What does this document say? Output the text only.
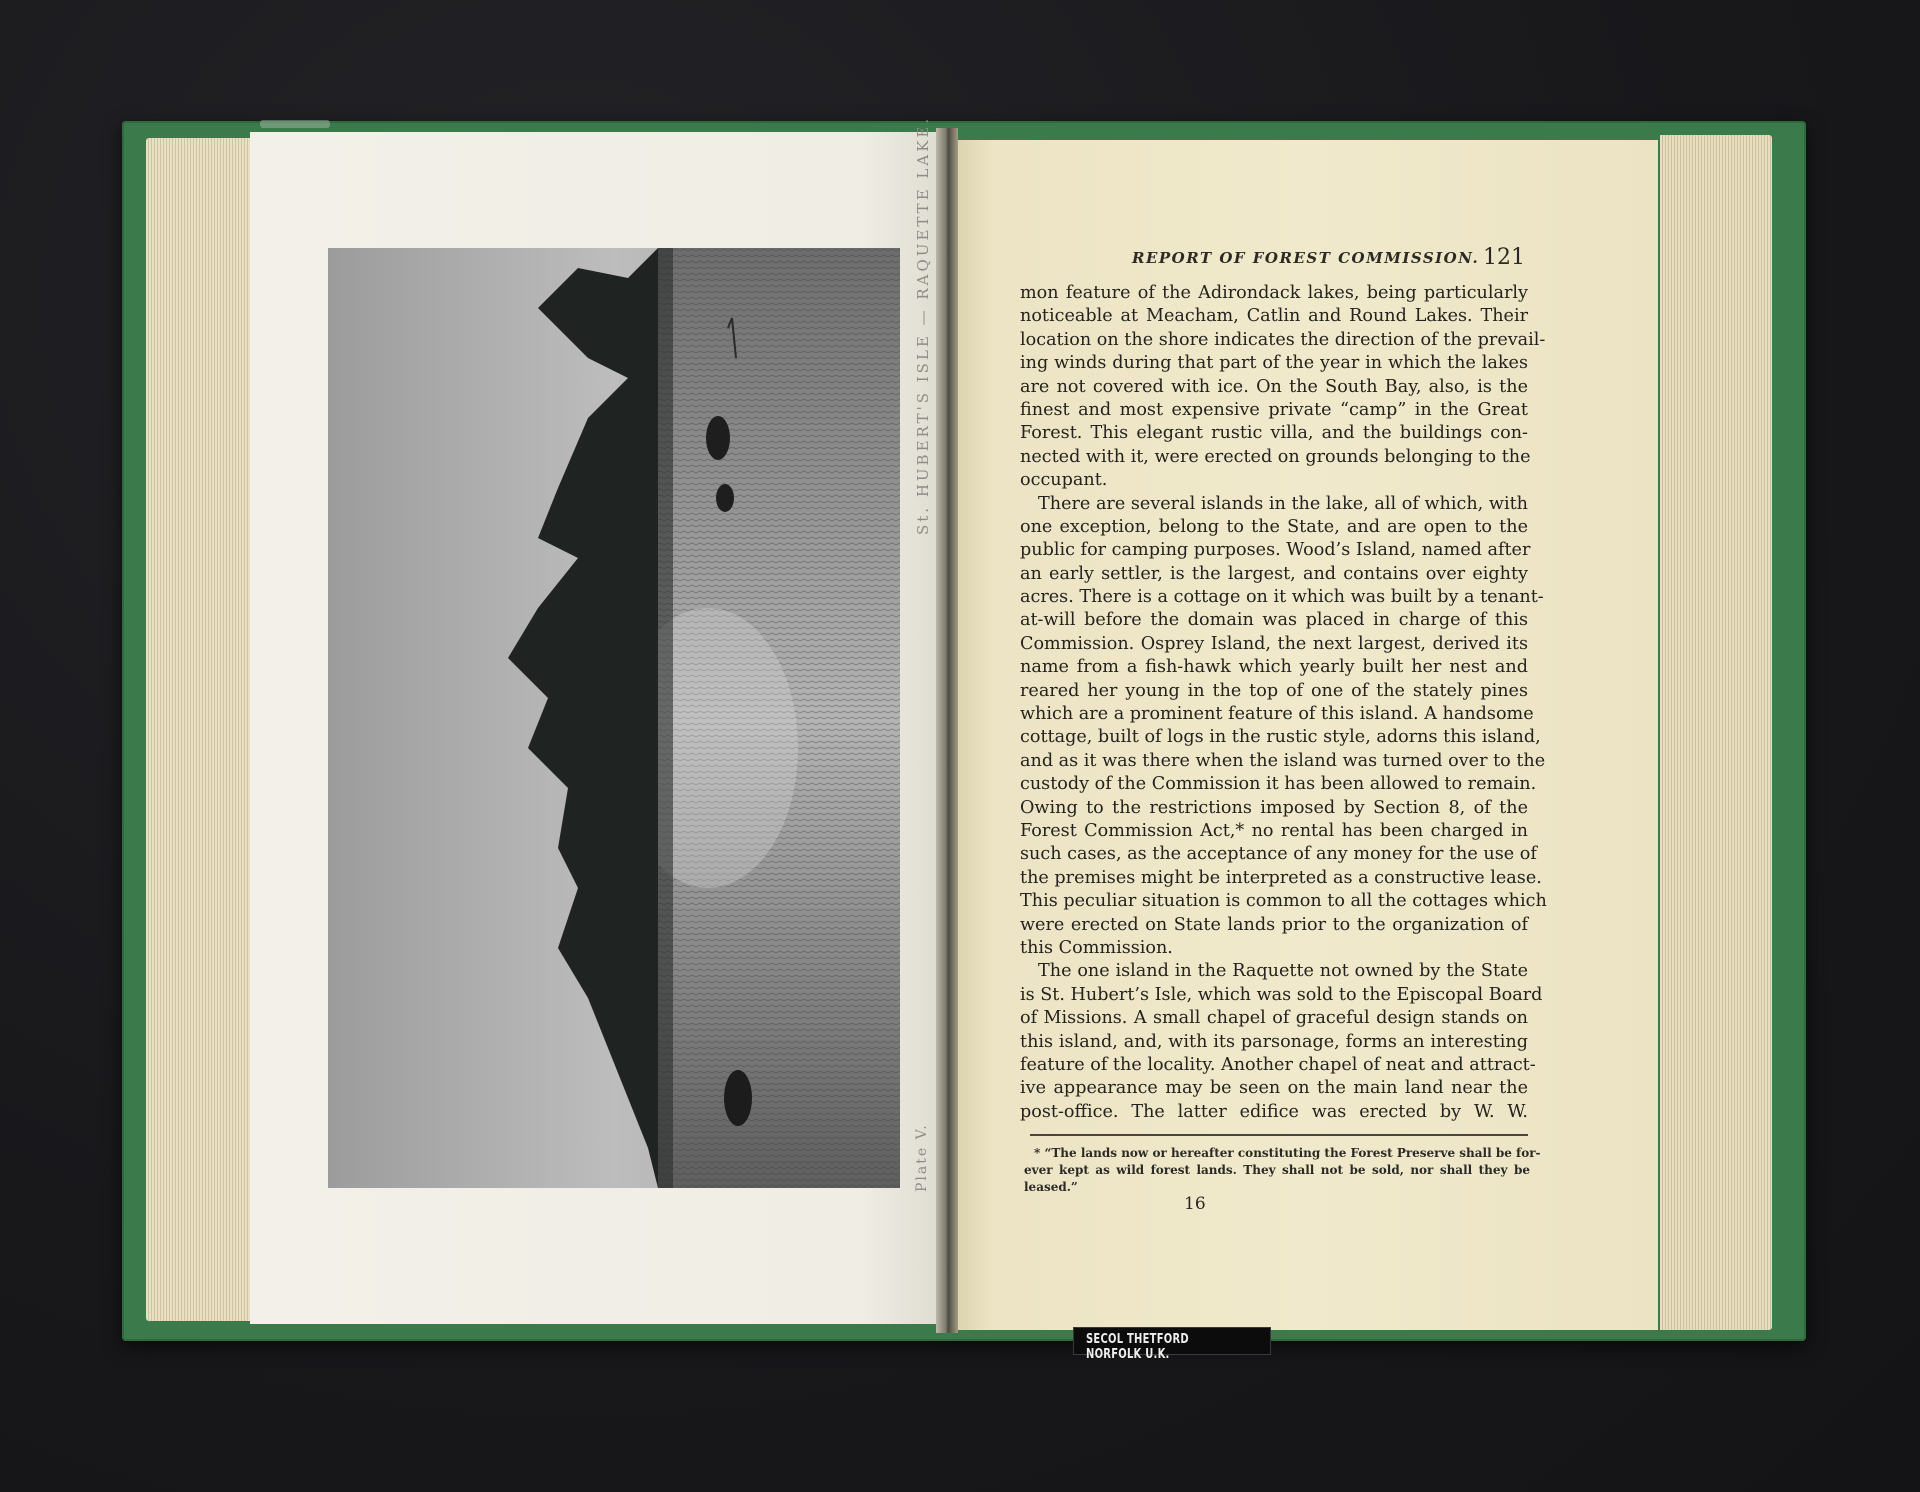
St. HUBERT'S ISLE — RAQUETTE LAKE.
Plate V.
REPORT OF FOREST COMMISSION. 121
mon feature of the Adirondack lakes, being particularly
noticeable at Meacham, Catlin and Round Lakes. Their
location on the shore indicates the direction of the prevail-
ing winds during that part of the year in which the lakes
are not covered with ice. On the South Bay, also, is the
finest and most expensive private “camp” in the Great
Forest. This elegant rustic villa, and the buildings con-
nected with it, were erected on grounds belonging to the
occupant.
There are several islands in the lake, all of which, with
one exception, belong to the State, and are open to the
public for camping purposes. Wood’s Island, named after
an early settler, is the largest, and contains over eighty
acres. There is a cottage on it which was built by a tenant-
at-will before the domain was placed in charge of this
Commission. Osprey Island, the next largest, derived its
name from a fish-hawk which yearly built her nest and
reared her young in the top of one of the stately pines
which are a prominent feature of this island. A handsome
cottage, built of logs in the rustic style, adorns this island,
and as it was there when the island was turned over to the
custody of the Commission it has been allowed to remain.
Owing to the restrictions imposed by Section 8, of the
Forest Commission Act,* no rental has been charged in
such cases, as the acceptance of any money for the use of
the premises might be interpreted as a constructive lease.
This peculiar situation is common to all the cottages which
were erected on State lands prior to the organization of
this Commission.
The one island in the Raquette not owned by the State
is St. Hubert’s Isle, which was sold to the Episcopal Board
of Missions. A small chapel of graceful design stands on
this island, and, with its parsonage, forms an interesting
feature of the locality. Another chapel of neat and attract-
ive appearance may be seen on the main land near the
post-office. The latter edifice was erected by W. W.
* “The lands now or hereafter constituting the Forest Preserve shall be for-
ever kept as wild forest lands. They shall not be sold, nor shall they be
leased.”
16
SECOL THETFORD NORFOLK U.K.
